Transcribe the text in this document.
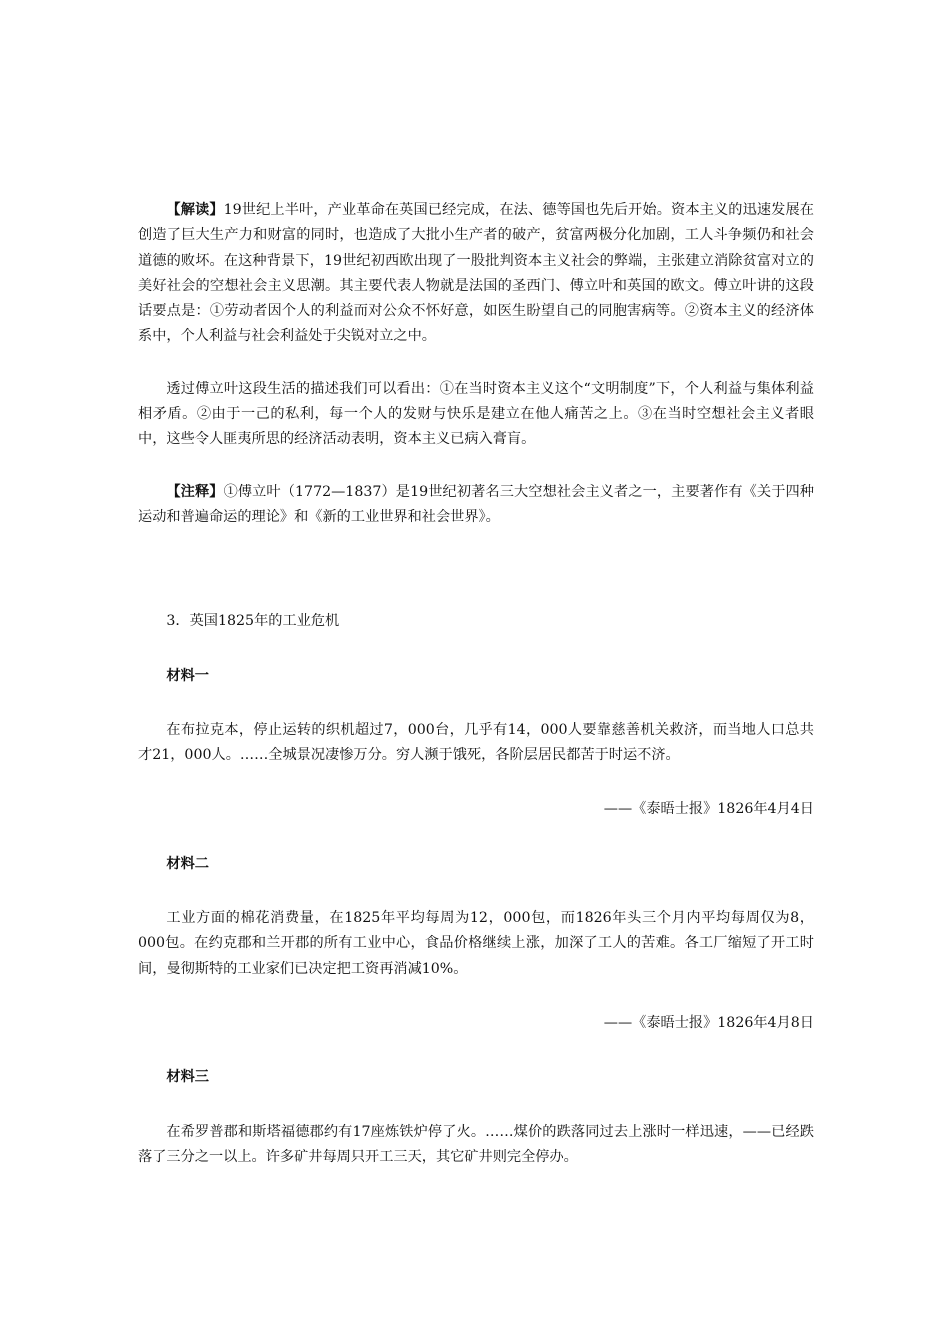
【解读】19世纪上半叶，产业革命在英国已经完成，在法、德等国也先后开始。资本主义的迅速发展在创造了巨大生产力和财富的同时，也造成了大批小生产者的破产，贫富两极分化加剧，工人斗争频仍和社会道德的败坏。在这种背景下，19世纪初西欧出现了一股批判资本主义社会的弊端，主张建立消除贫富对立的美好社会的空想社会主义思潮。其主要代表人物就是法国的圣西门、傅立叶和英国的欧文。傅立叶讲的这段话要点是：①劳动者因个人的利益而对公众不怀好意，如医生盼望自己的同胞害病等。②资本主义的经济体系中，个人利益与社会利益处于尖锐对立之中。

透过傅立叶这段生活的描述我们可以看出：①在当时资本主义这个“文明制度”下，个人利益与集体利益相矛盾。②由于一己的私利，每一个人的发财与快乐是建立在他人痛苦之上。③在当时空想社会主义者眼中，这些令人匪夷所思的经济活动表明，资本主义已病入膏肓。

【注释】①傅立叶（1772—1837）是19世纪初著名三大空想社会主义者之一，主要著作有《关于四种运动和普遍命运的理论》和《新的工业世界和社会世界》。

3．英国1825年的工业危机

材料一

在布拉克本，停止运转的织机超过7，000台，几乎有14，000人要靠慈善机关救济，而当地人口总共才21，000人。……全城景况凄惨万分。穷人濒于饿死，各阶层居民都苦于时运不济。

——《泰晤士报》1826年4月4日

材料二

工业方面的棉花消费量，在1825年平均每周为12，000包，而1826年头三个月内平均每周仅为8，000包。在约克郡和兰开郡的所有工业中心，食品价格继续上涨，加深了工人的苦难。各工厂缩短了开工时间，曼彻斯特的工业家们已决定把工资再消减10%。

——《泰晤士报》1826年4月8日

材料三

在希罗普郡和斯塔福德郡约有17座炼铁炉停了火。……煤价的跌落同过去上涨时一样迅速，——已经跌落了三分之一以上。许多矿井每周只开工三天，其它矿井则完全停办。
